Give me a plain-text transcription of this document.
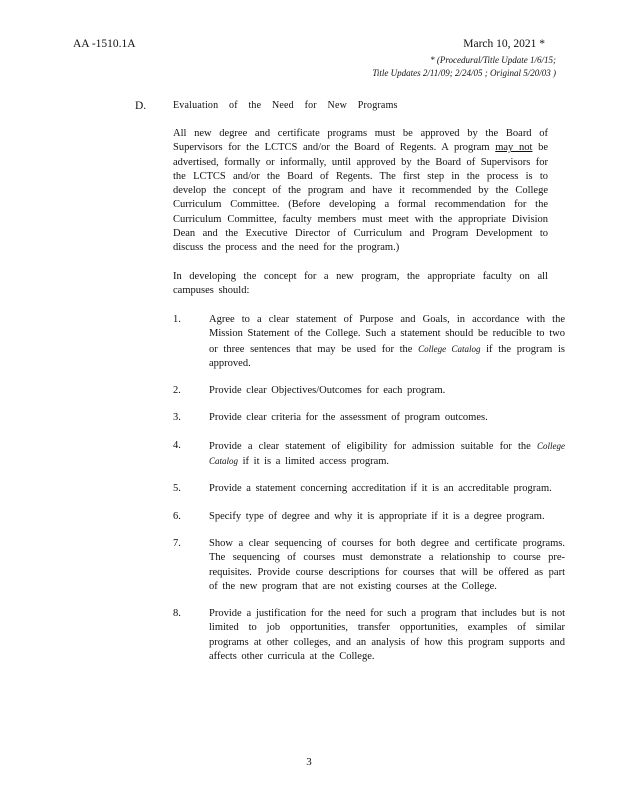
AA -1510.1A	March 10, 2021 *
* (Procedural/Title Update 1/6/15;
Title Updates 2/11/09; 2/24/05 ; Original 5/20/03 )
D.	Evaluation of the Need for New Programs
All new degree and certificate programs must be approved by the Board of Supervisors for the LCTCS and/or the Board of Regents. A program may not be advertised, formally or informally, until approved by the Board of Supervisors for the LCTCS and/or the Board of Regents. The first step in the process is to develop the concept of the program and have it recommended by the College Curriculum Committee. (Before developing a formal recommendation for the Curriculum Committee, faculty members must meet with the appropriate Division Dean and the Executive Director of Curriculum and Program Development to discuss the process and the need for the program.)
In developing the concept for a new program, the appropriate faculty on all campuses should:
1.	Agree to a clear statement of Purpose and Goals, in accordance with the Mission Statement of the College. Such a statement should be reducible to two or three sentences that may be used for the College Catalog if the program is approved.
2.	Provide clear Objectives/Outcomes for each program.
3.	Provide clear criteria for the assessment of program outcomes.
4.	Provide a clear statement of eligibility for admission suitable for the College Catalog if it is a limited access program.
5.	Provide a statement concerning accreditation if it is an accreditable program.
6.	Specify type of degree and why it is appropriate if it is a degree program.
7.	Show a clear sequencing of courses for both degree and certificate programs. The sequencing of courses must demonstrate a relationship to course pre-requisites. Provide course descriptions for courses that will be offered as part of the new program that are not existing courses at the College.
8.	Provide a justification for the need for such a program that includes but is not limited to job opportunities, transfer opportunities, examples of similar programs at other colleges, and an analysis of how this program supports and affects other curricula at the College.
3
